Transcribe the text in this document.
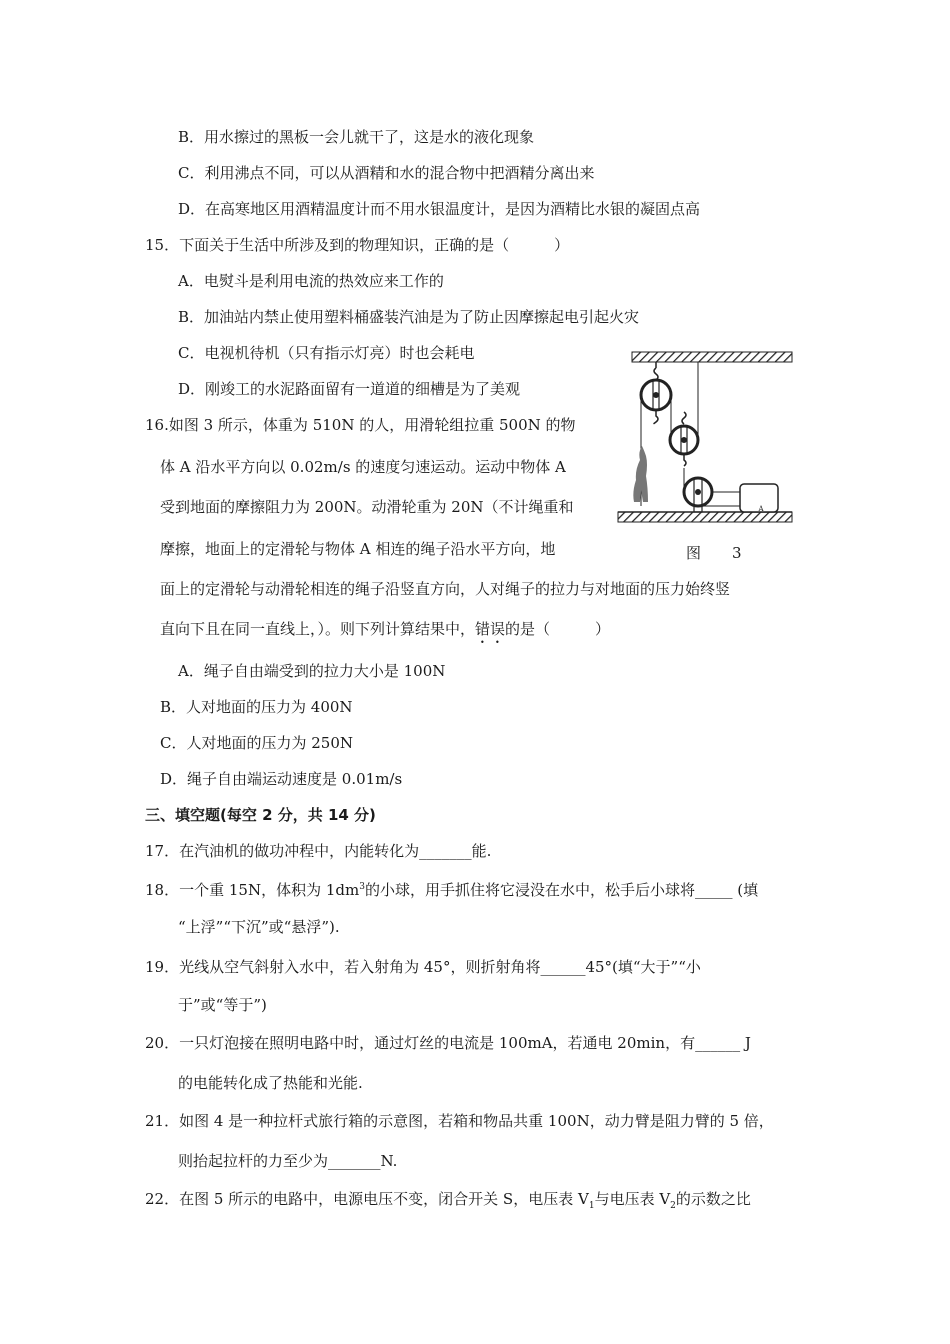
B．用水擦过的黑板一会儿就干了，这是水的液化现象
C．利用沸点不同，可以从酒精和水的混合物中把酒精分离出来
D．在高寒地区用酒精温度计而不用水银温度计，是因为酒精比水银的凝固点高
15．下面关于生活中所涉及到的物理知识，正确的是（　　　）
A．电熨斗是利用电流的热效应来工作的
B．加油站内禁止使用塑料桶盛装汽油是为了防止因摩擦起电引起火灾
C．电视机待机（只有指示灯亮）时也会耗电
D．刚竣工的水泥路面留有一道道的细槽是为了美观
16.如图 3 所示，体重为 510N 的人，用滑轮组拉重 500N 的物
体 A 沿水平方向以 0.02m/s 的速度匀速运动。运动中物体 A
受到地面的摩擦阻力为 200N。动滑轮重为 20N（不计绳重和
摩擦，地面上的定滑轮与物体 A 相连的绳子沿水平方向，地
面上的定滑轮与动滑轮相连的绳子沿竖直方向，人对绳子的拉力与对地面的压力始终竖
直向下且在同一直线上，）。则下列计算结果中，错误的是（　　　）
A
图　3
A．绳子自由端受到的拉力大小是 100N
B．人对地面的压力为 400N
C．人对地面的压力为 250N
D．绳子自由端运动速度是 0.01m/s
三、填空题(每空 2 分，共 14 分)
17．在汽油机的做功冲程中，内能转化为_______能.
18．一个重 15N，体积为 $1dm^3$的小球，用手抓住将它浸没在水中，松手后小球将_____ (填
“上浮”“下沉”或“悬浮”).
19．光线从空气斜射入水中，若入射角为 45°，则折射角将______45°(填“大于”“小
于”或“等于”)
20．一只灯泡接在照明电路中时，通过灯丝的电流是 100mA，若通电 20min，有______ J
的电能转化成了热能和光能.
21．如图 4 是一种拉杆式旅行箱的示意图，若箱和物品共重 100N，动力臂是阻力臂的 5 倍，
则抬起拉杆的力至少为_______N.
22．在图 5 所示的电路中，电源电压不变，闭合开关 S，电压表 $V_1$与电压表 $V_2$的示数之比
